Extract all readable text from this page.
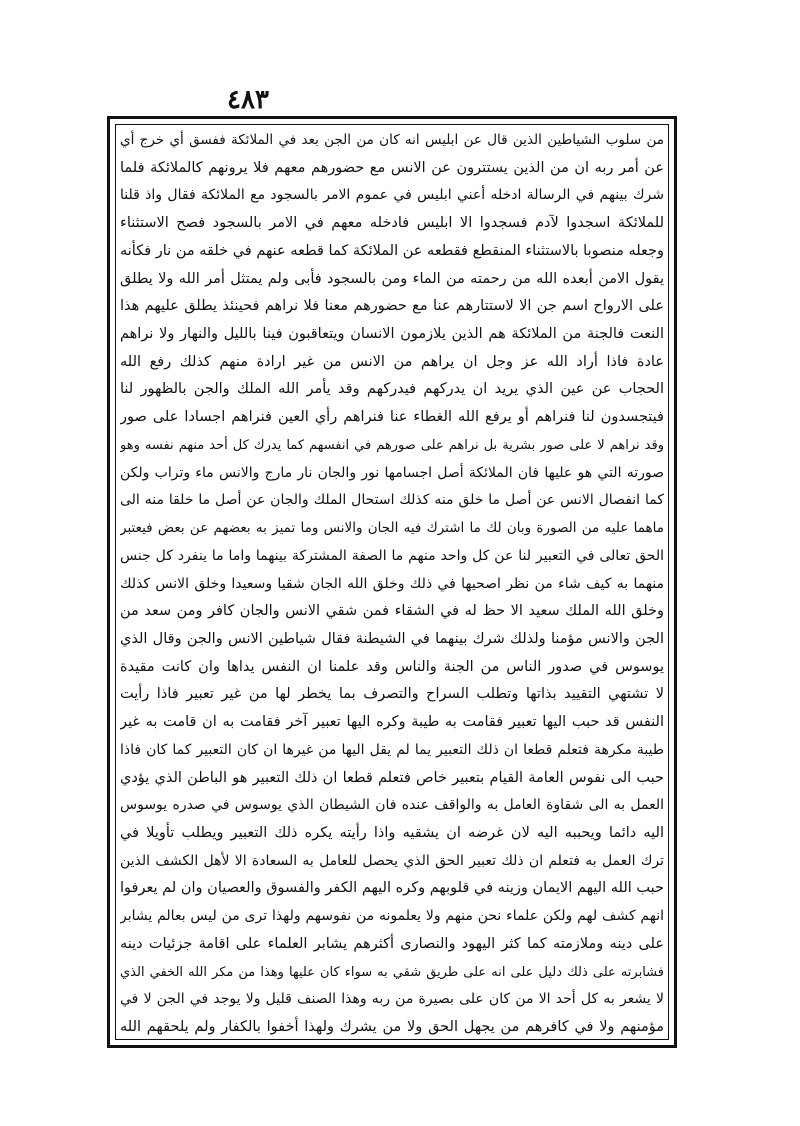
٤٨٣
من سلوب الشياطين الذين قال عن ابليس انه كان من الجن بعد في الملائكة ففسق أي خرج أي
عن أمر ربه ان من الذين يستترون عن الانس مع حضورهم معهم فلا يرونهم كالملائكة فلما
شرك بينهم في الرسالة ادخله أعني ابليس في عموم الامر بالسجود مع الملائكة فقال واذ قلنا
للملائكة اسجدوا لآدم فسجدوا الا ابليس فادخله معهم في الامر بالسجود فصح الاستثناء
وجعله منصوبا بالاستثناء المنقطع فقطعه عن الملائكة كما قطعه عنهم في خلقه من نار فكأنه
يقول الامن أبعده الله من رحمته من الماء ومن بالسجود فأبى ولم يمتثل أمر الله ولا يطلق
على الارواح اسم جن الا لاستتارهم عنا مع حضورهم معنا فلا نراهم فحينئذ يطلق عليهم هذا
النعت فالجنة من الملائكة هم الذين يلازمون الانسان ويتعاقبون فينا بالليل والنهار ولا نراهم
عادة فاذا أراد الله عز وجل ان يراهم من الانس من غير ارادة منهم كذلك رفع الله
الحجاب عن عين الذي يريد ان يدركهم فيدركهم وقد يأمر الله الملك والجن بالظهور لنا
فيتجسدون لنا فنراهم أو يرفع الله الغطاء عنا فنراهم رأي العين فنراهم اجسادا على صور
وقد نراهم لا على صور بشرية بل نراهم على صورهم في انفسهم كما يدرك كل أحد منهم نفسه وهو
صورته التي هو عليها فان الملائكة أصل اجسامها نور والجان نار مارج والانس ماء وتراب ولكن
كما انفصال الانس عن أصل ما خلق منه كذلك استحال الملك والجان عن أصل ما خلقا منه الى
ماهما عليه من الصورة وبان لك ما اشترك فيه الجان والانس وما تميز به بعضهم عن بعض فيعتبر
الحق تعالى في التعبير لنا عن كل واحد منهم ما الصفة المشتركة بينهما واما ما ينفرد كل جنس
منهما به كيف شاء من نظر اصحيها في ذلك وخلق الله الجان شقيا وسعيدا وخلق الانس كذلك
وخلق الله الملك سعيد الا حظ له في الشقاء فمن شقي الانس والجان كافر ومن سعد من
الجن والانس مؤمنا ولذلك شرك بينهما في الشيطنة فقال شياطين الانس والجن وقال الذي
يوسوس في صدور الناس من الجنة والناس وقد علمنا ان النفس يداها وان كانت مقيدة
لا تشتهي التقييد بذاتها وتطلب السراح والتصرف بما يخطر لها من غير تعبير فاذا رأيت
النفس قد حبب اليها تعبير فقامت به طيبة وكره اليها تعبير آخر فقامت به ان قامت به غير
طيبة مكرهة فتعلم قطعا ان ذلك التعبير يما لم يقل اليها من غيرها ان كان التعبير كما كان فاذا
حبب الى نفوس العامة القيام بتعبير خاص فتعلم قطعا ان ذلك التعبير هو الباطن الذي يؤدي
العمل به الى شقاوة العامل به والواقف عنده فان الشيطان الذي يوسوس في صدره يوسوس
اليه دائما ويحببه اليه لان غرضه ان يشقيه واذا رأيته يكره ذلك التعبير ويطلب تأويلا في
ترك العمل به فتعلم ان ذلك تعبير الحق الذي يحصل للعامل به السعادة الا لأهل الكشف الذين
حبب الله اليهم الايمان وزينه في قلوبهم وكره اليهم الكفر والفسوق والعصيان وان لم يعرفوا
انهم كشف لهم ولكن علماء نحن منهم ولا يعلمونه من نفوسهم ولهذا ترى من ليس بعالم يشابر
على دينه وملازمته كما كثر اليهود والنصارى أكثرهم يشابر العلماء على اقامة جزئيات دينه
فشابرته على ذلك دليل على انه على طريق شقي به سواء كان عليها وهذا من مكر الله الخفي الذي
لا يشعر به كل أحد الا من كان على بصيرة من ربه وهذا الصنف قليل ولا يوجد في الجن لا في
مؤمنهم ولا في كافرهم من يجهل الحق ولا من يشرك ولهذا أخفوا بالكفار ولم يلحقهم الله
